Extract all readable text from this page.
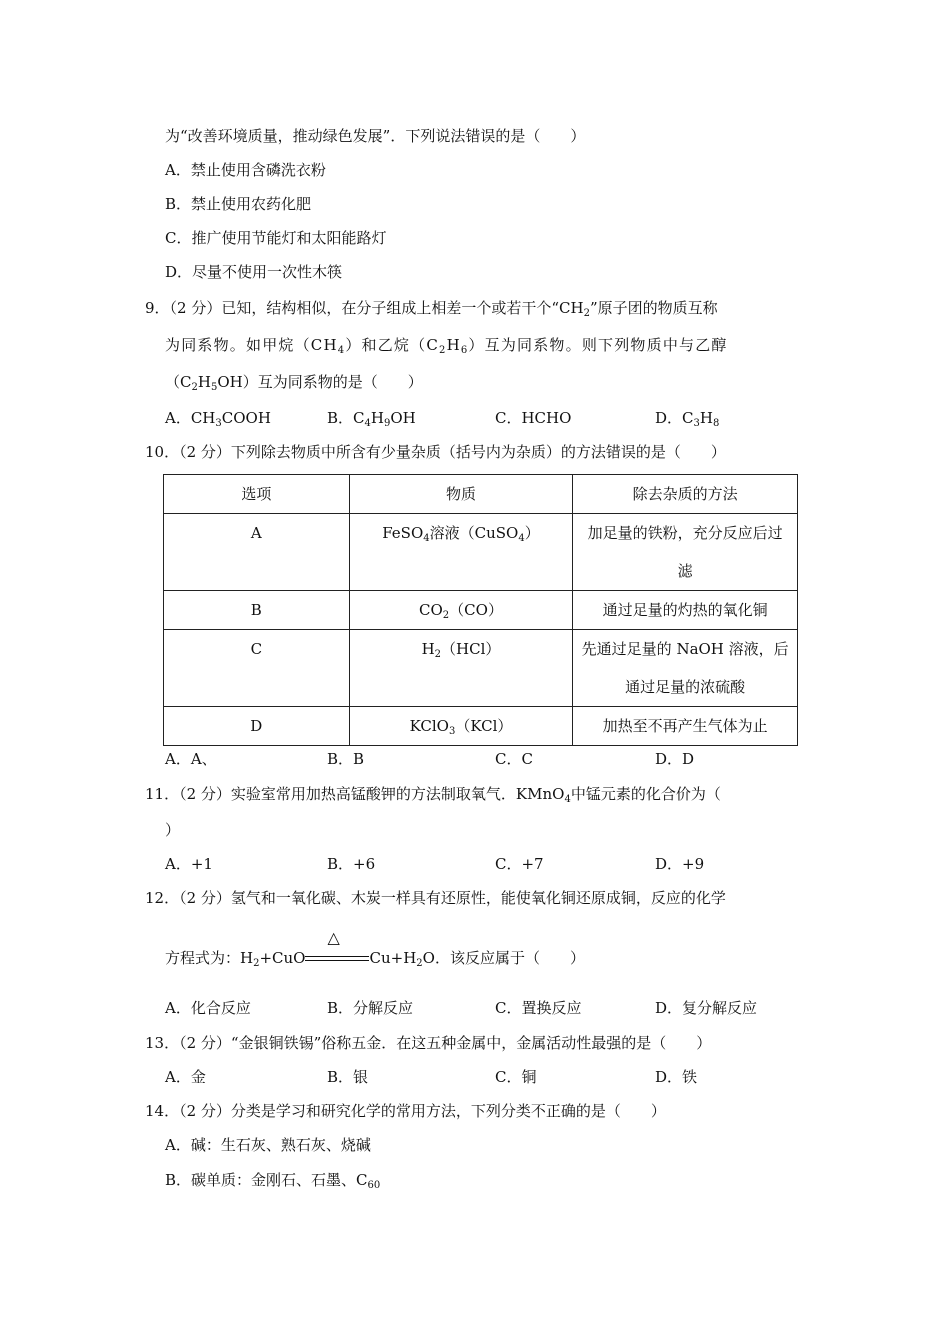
为“改善环境质量，推动绿色发展”．下列说法错误的是（　　）
A．禁止使用含磷洗衣粉
B．禁止使用农药化肥
C．推广使用节能灯和太阳能路灯
D．尽量不使用一次性木筷
9．（2 分）已知，结构相似，在分子组成上相差一个或若干个“$CH_2$”原子团的物质互称
为同系物。如甲烷$(CH_4)$和乙烷$(C_2H_6)$互为同系物。则下列物质中与乙醇
$(C_2H_5OH)$互为同系物的是（　　）
A．$CH_3COOH$	B．$C_4H_9OH$	C．HCHO	D．$C_3H_8$
10．（2 分）下列除去物质中所含有少量杂质（括号内为杂质）的方法错误的是（　　）
选项	物质	除去杂质的方法
A	FeSO$_4$溶液（CuSO$_4$）	加足量的铁粉，充分反应后过
滤

B	$CO_2(CO)$	通过足量的灼热的氧化铜
C	$H_2(HCl)$	先通过足量的 NaOH 溶液，后
通过足量的浓硫酸

D	KClO$_3$（KCl）	加热至不再产生气体为止
A．A、	B．B	C．C	D．D
11．（2 分）实验室常用加热高锰酸钾的方法制取氧气．KMnO$_4$中锰元素的化合价为（
）
A．+1	B．+6	C．+7	D．+9
12．（2 分）氢气和一氧化碳、木炭一样具有还原性，能使氧化铜还原成铜，反应的化学
方程式为：$H_2+CuO$
△
$Cu+H_2O$．该反应属于（　　）
A．化合反应	B．分解反应	C．置换反应	D．复分解反应
13．（2 分）“金银铜铁锡”俗称五金．在这五种金属中，金属活动性最强的是（　　）
A．金	B．银	C．铜	D．铁
14．（2 分）分类是学习和研究化学的常用方法，下列分类不正确的是（　　）
A．碱：生石灰、熟石灰、烧碱
B．碳单质：金刚石、石墨、$C_{60}$
